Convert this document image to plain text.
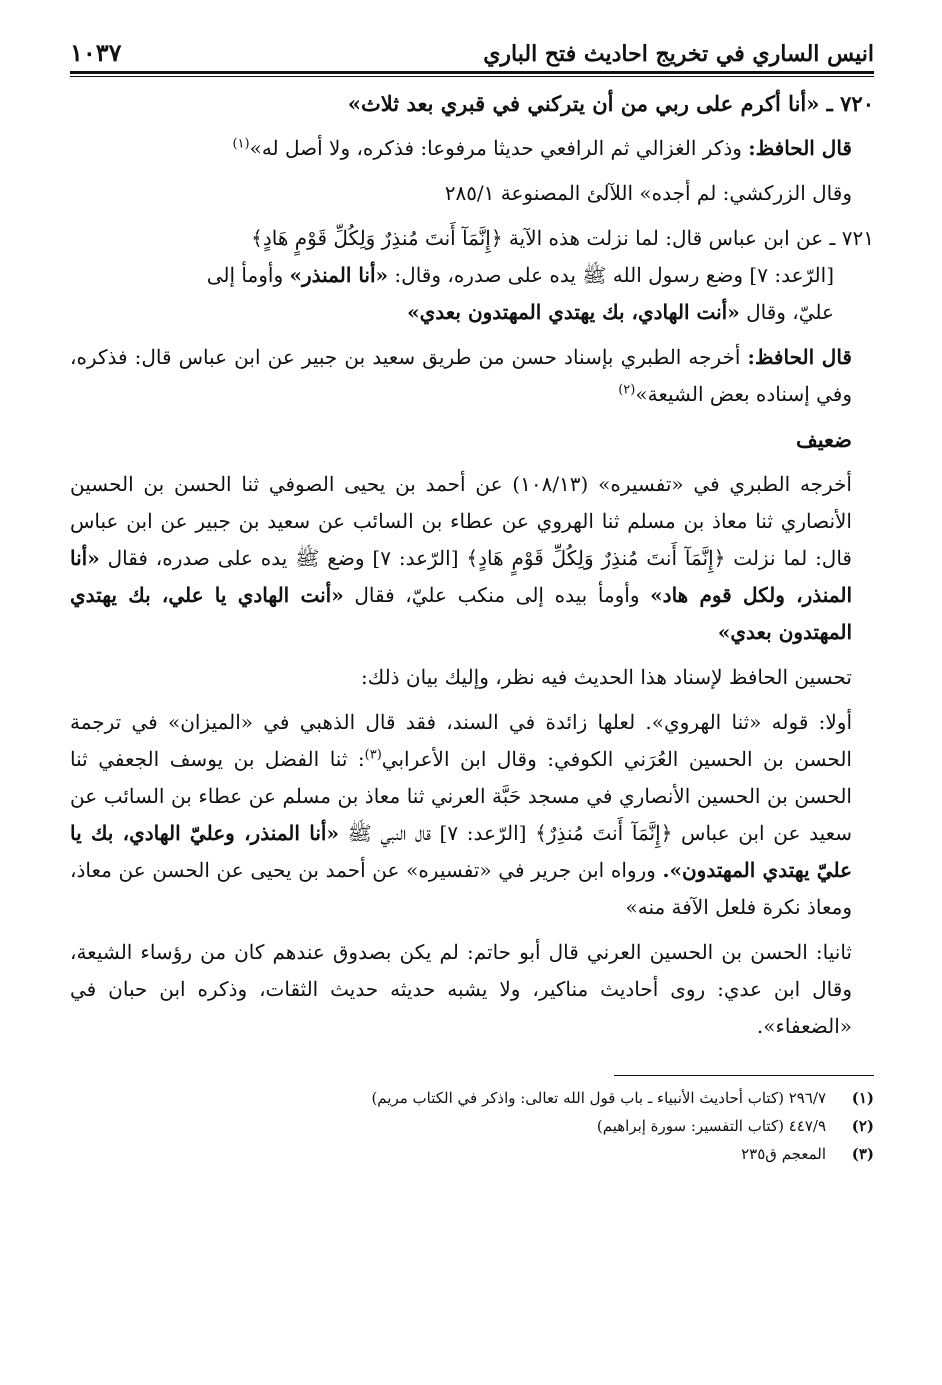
انيس الساري في تخريج احاديث فتح الباري
١٠٣٧

٧٢٠ ـ «أنا أكرم على ربي من أن يتركني في قبري بعد ثلاث»

قال الحافظ: وذكر الغزالي ثم الرافعي حديثا مرفوعا: فذكره، ولا أصل له»$^{(١)}$

وقال الزركشي: لم أجده» اللآلئ المصنوعة ٢٨٥/١

٧٢١ ـ عن ابن عباس قال: لما نزلت هذه الآية ﴿إِنَّمَآ أَنتَ مُنذِرٌ وَلِكُلِّ قَوْمٍ هَادٍ﴾
[الرّعد: ٧] وضع رسول الله ﷺ يده على صدره، وقال: «أنا المنذر» وأومأ إلى
عليّ، وقال «أنت الهادي، بك يهتدي المهتدون بعدي»

قال الحافظ: أخرجه الطبري بإسناد حسن من طريق سعيد بن جبير عن ابن عباس قال: فذكره، وفي إسناده بعض الشيعة»$^{(٢)}$

ضعيف

أخرجه الطبري في «تفسيره» (١٠٨/١٣) عن أحمد بن يحيى الصوفي ثنا الحسن بن الحسين الأنصاري ثنا معاذ بن مسلم ثنا الهروي عن عطاء بن السائب عن سعيد بن جبير عن ابن عباس قال: لما نزلت ﴿إِنَّمَآ أَنتَ مُنذِرٌ وَلِكُلِّ قَوْمٍ هَادٍ﴾ [الرّعد: ٧] وضع ﷺ يده على صدره، فقال «أنا المنذر، ولكل قوم هاد» وأومأ بيده إلى منكب عليّ، فقال «أنت الهادي يا علي، بك يهتدي المهتدون بعدي»

تحسين الحافظ لإسناد هذا الحديث فيه نظر، وإليك بيان ذلك:

أولا: قوله «ثنا الهروي». لعلها زائدة في السند، فقد قال الذهبي في «الميزان» في ترجمة الحسن بن الحسين العُرَني الكوفي: وقال ابن الأعرابي$^{(٣)}$: ثنا الفضل بن يوسف الجعفي ثنا الحسن بن الحسين الأنصاري في مسجد حَبَّة العرني ثنا معاذ بن مسلم عن عطاء بن السائب عن سعيد عن ابن عباس ﴿إِنَّمَآ أَنتَ مُنذِرٌ﴾ [الرّعد: ٧] قال النبي ﷺ «أنا المنذر، وعليّ الهادي، بك يا عليّ يهتدي المهتدون». ورواه ابن جرير في «تفسيره» عن أحمد بن يحيى عن الحسن عن معاذ، ومعاذ نكرة فلعل الآفة منه»

ثانيا: الحسن بن الحسين العرني قال أبو حاتم: لم يكن بصدوق عندهم كان من رؤساء الشيعة، وقال ابن عدي: روى أحاديث مناكير، ولا يشبه حديثه حديث الثقات، وذكره ابن حبان في «الضعفاء».

(١)
٢٩٦/٧ (كتاب أحاديث الأنبياء ـ باب قول الله تعالى: واذكر في الكتاب مريم)
(٢)
٤٤٧/٩ (كتاب التفسير: سورة إبراهيم)
(٣)
المعجم ق٢٣٥
